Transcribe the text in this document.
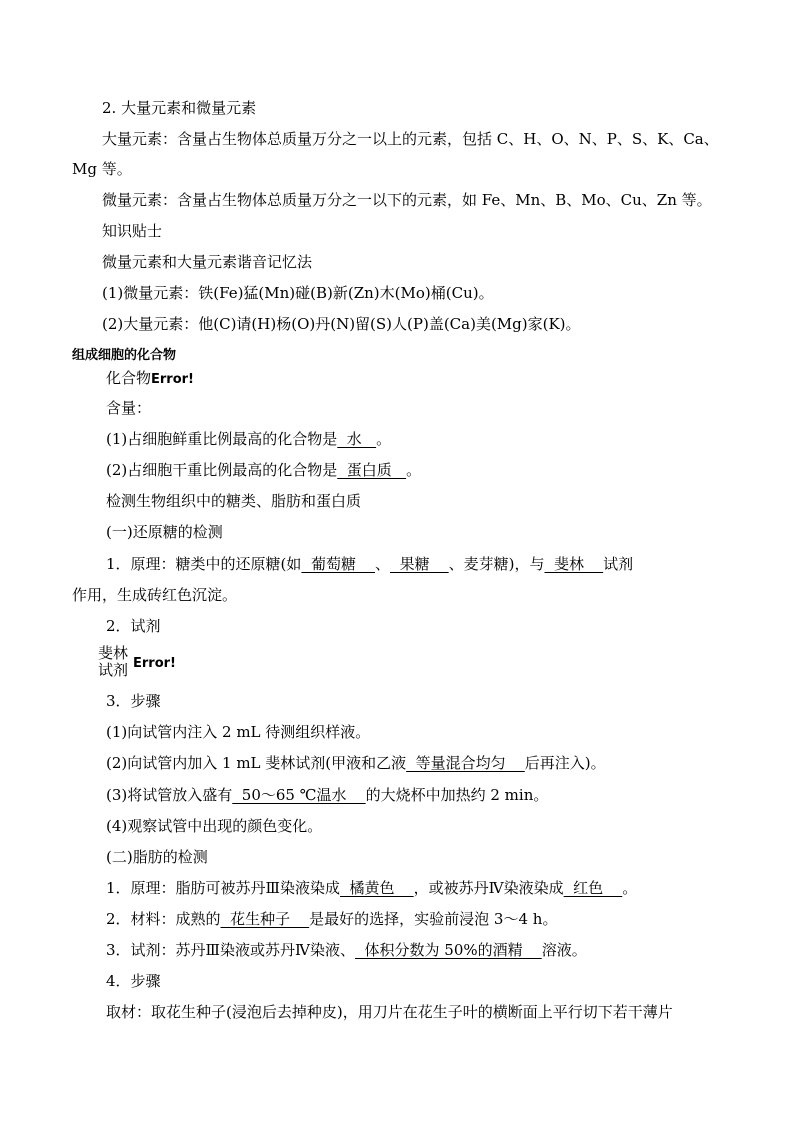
2. 大量元素和微量元素
大量元素：含量占生物体总质量万分之一以上的元素，包括 C、H、O、N、P、S、K、Ca、
Mg 等。
微量元素：含量占生物体总质量万分之一以下的元素，如 Fe、Mn、B、Mo、Cu、Zn 等。
知识贴士
微量元素和大量元素谐音记忆法
(1)微量元素：铁(Fe)猛(Mn)碰(B)新(Zn)木(Mo)桶(Cu)。
(2)大量元素：他(C)请(H)杨(O)丹(N)留(S)人(P)盖(Ca)美(Mg)家(K)。
组成细胞的化合物
化合物Error!
含量：
(1)占细胞鲜重比例最高的化合物是  水   。
(2)占细胞干重比例最高的化合物是  蛋白质   。
检测生物组织中的糖类、脂肪和蛋白质
(一)还原糖的检测
1．原理：糖类中的还原糖(如  葡萄糖    、  果糖    、麦芽糖)，与  斐林    试剂
作用，生成砖红色沉淀。
2．试剂
斐林
试剂 Error!
3．步骤
(1)向试管内注入 2 mL 待测组织样液。
(2)向试管内加入 1 mL 斐林试剂(甲液和乙液  等量混合均匀    后再注入)。
(3)将试管放入盛有  50～65 ℃温水    的大烧杯中加热约 2 min。
(4)观察试管中出现的颜色变化。
(二)脂肪的检测
1．原理：脂肪可被苏丹Ⅲ染液染成  橘黄色    ，或被苏丹Ⅳ染液染成  红色    。
2．材料：成熟的  花生种子    是最好的选择，实验前浸泡 3～4 h。
3．试剂：苏丹Ⅲ染液或苏丹Ⅳ染液、  体积分数为 50%的酒精    溶液。
4．步骤
取材：取花生种子(浸泡后去掉种皮)，用刀片在花生子叶的横断面上平行切下若干薄片
